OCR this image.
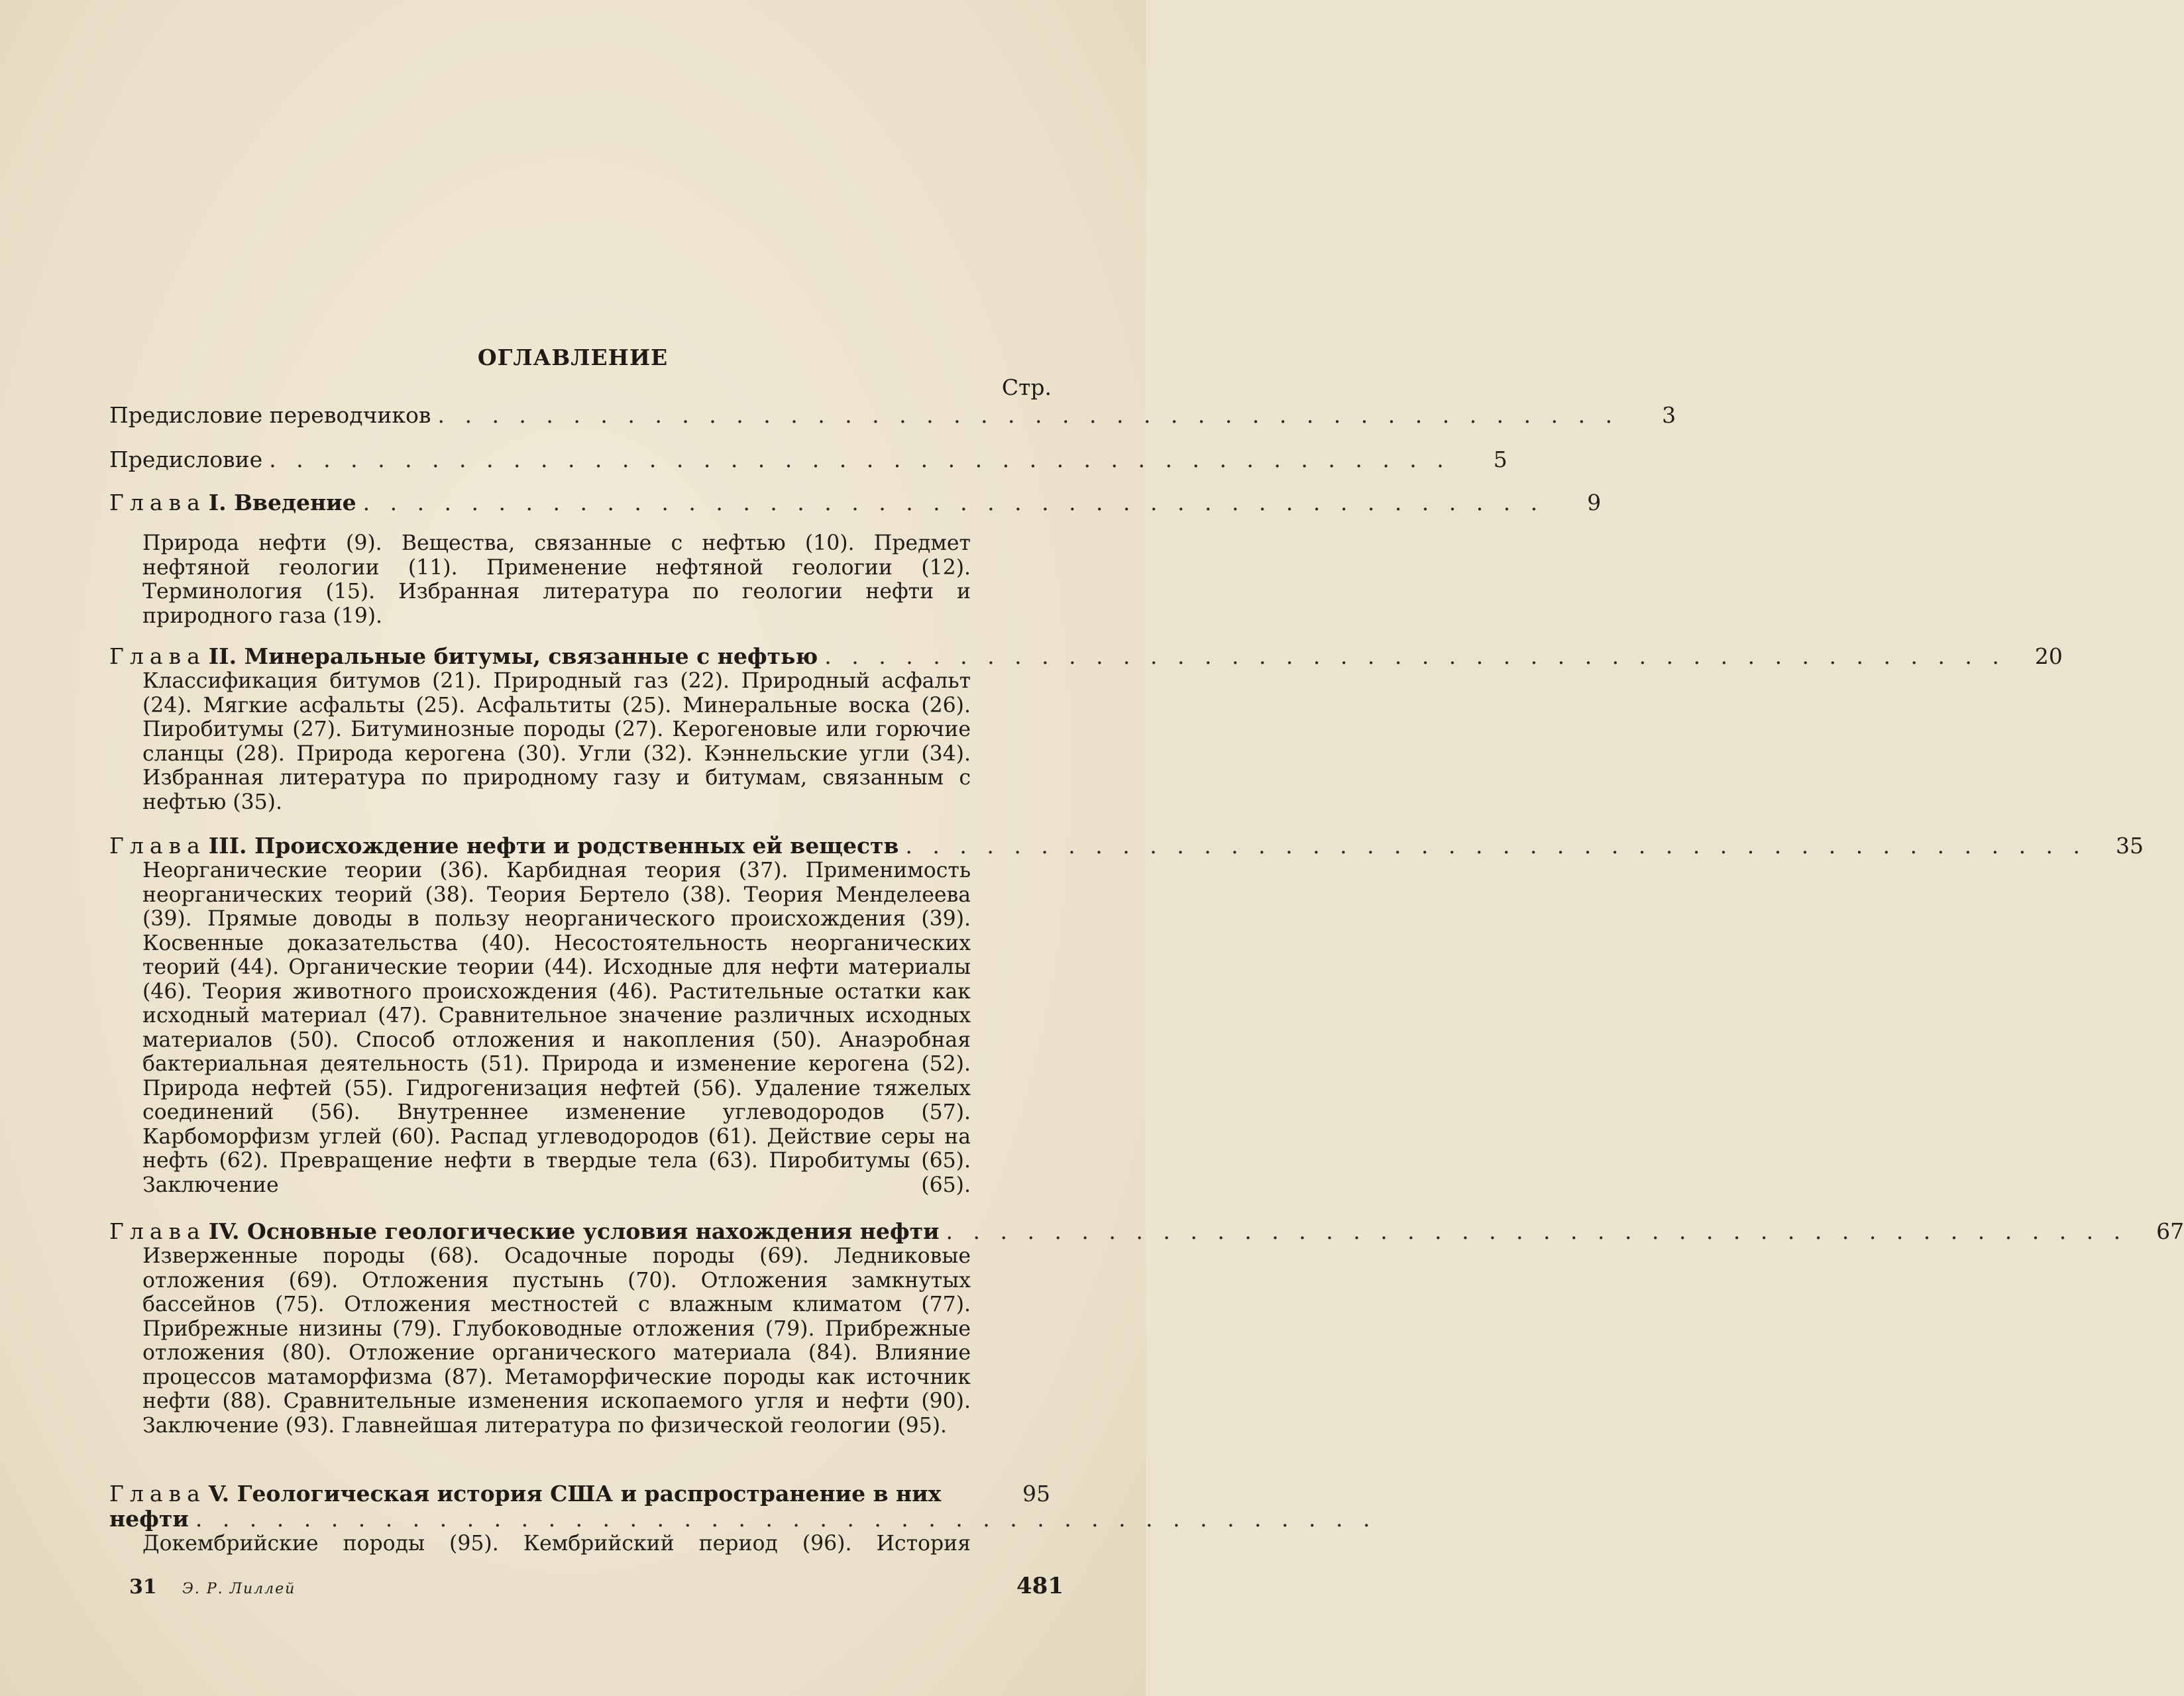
ОГЛАВЛЕНИЕ
Стр.
Предисловие переводчиков . . . . . . . . . . . . . . . . . . . . . . . . . . . . . . . . . . . . . . . . . . . .	3
Предисловие . . . . . . . . . . . . . . . . . . . . . . . . . . . . . . . . . . . . . . . . . . . .	5
Глава I. Введение . . . . . . . . . . . . . . . . . . . . . . . . . . . . . . . . . . . . . . . . . . . .	9
Природа нефти (9). Вещества, связанные с нефтью (10). Предмет нефтяной геологии (11). Применение нефтяной геологии (12). Терминология (15). Избранная литература по геологии нефти и природного газа (19).
Глава II. Минеральные битумы, связанные с нефтью . . . . . . . . . . . . . . . . . . . . . . . . . . . . . . . . . . . . . . . . . . . .	20
Классификация битумов (21). Природный газ (22). Природный асфальт (24). Мягкие асфальты (25). Асфальтиты (25). Минеральные воска (26). Пиробитумы (27). Битуминозные породы (27). Керогеновые или горючие сланцы (28). Природа керогена (30). Угли (32). Кэннельские угли (34). Избранная литература по природному газу и битумам, связанным с нефтью (35).
Глава III. Происхождение нефти и родственных ей веществ . . . . . . . . . . . . . . . . . . . . . . . . . . . . . . . . . . . . . . . . . . . .	35
Неорганические теории (36). Карбидная теория (37). Применимость неорганических теорий (38). Теория Бертело (38). Теория Менделеева (39). Прямые доводы в пользу неорганического происхождения (39). Косвенные доказательства (40). Несостоятельность неорганических теорий (44). Органические теории (44). Исходные для нефти материалы (46). Теория животного происхождения (46). Растительные остатки как исходный материал (47). Сравнительное значение различных исходных материалов (50). Способ отложения и накопления (50). Анаэробная бактериальная деятельность (51). Природа и изменение керогена (52). Природа нефтей (55). Гидрогенизация нефтей (56). Удаление тяжелых соединений (56). Внутреннее изменение углеводородов (57). Карбоморфизм углей (60). Распад углеводородов (61). Действие серы на нефть (62). Превращение нефти в твердые тела (63). Пиробитумы (65). Заключение (65).
Глава IV. Основные геологические условия нахождения нефти . . . . . . . . . . . . . . . . . . . . . . . . . . . . . . . . . . . . . . . . . . . .	67
Изверженные породы (68). Осадочные породы (69). Ледниковые отложения (69). Отложения пустынь (70). Отложения замкнутых бассейнов (75). Отложения местностей с влажным климатом (77). Прибрежные низины (79). Глубоководные отложения (79). Прибрежные отложения (80). Отложение органического материала (84). Влияние процессов матаморфизма (87). Метаморфические породы как источник нефти (88). Сравнительные изменения ископаемого угля и нефти (90). Заключение (93). Главнейшая литература по физической геологии (95).
Глава V. Геологическая история США и распространение в них	95
нефти . . . . . . . . . . . . . . . . . . . . . . . . . . . . . . . . . . . . . . . . . . . .
Докембрийские породы (95). Кембрийский период (96). История
31	Э. Р. Лиллей	481
